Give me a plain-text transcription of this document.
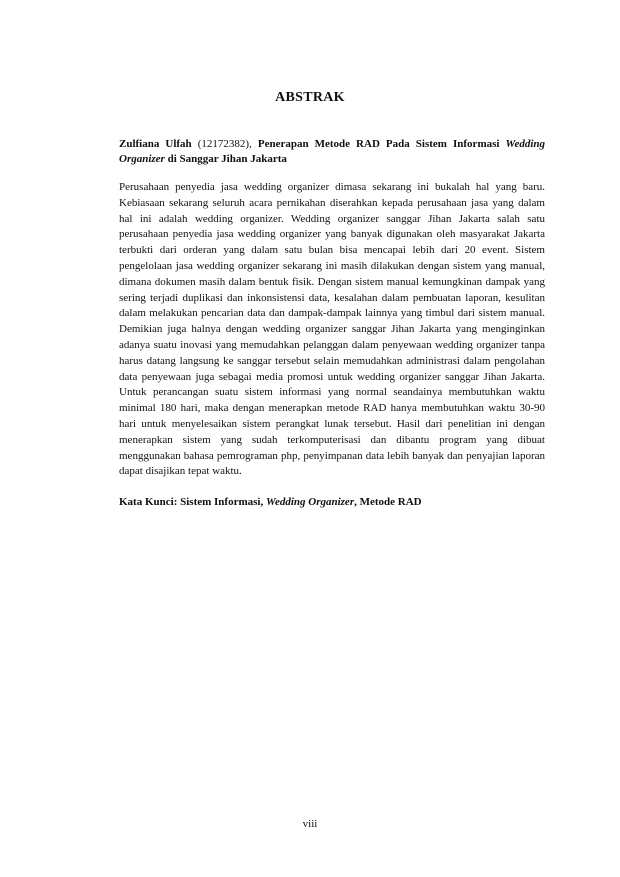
ABSTRAK
Zulfiana Ulfah (12172382), Penerapan Metode RAD Pada Sistem Informasi Wedding Organizer di Sanggar Jihan Jakarta

Perusahaan penyedia jasa wedding organizer dimasa sekarang ini bukalah hal yang baru. Kebiasaan sekarang seluruh acara pernikahan diserahkan kepada perusahaan jasa yang dalam hal ini adalah wedding organizer. Wedding organizer sanggar Jihan Jakarta salah satu perusahaan penyedia jasa wedding organizer yang banyak digunakan oleh masyarakat Jakarta terbukti dari orderan yang dalam satu bulan bisa mencapai lebih dari 20 event. Sistem pengelolaan jasa wedding organizer sekarang ini masih dilakukan dengan sistem yang manual, dimana dokumen masih dalam bentuk fisik. Dengan sistem manual kemungkinan dampak yang sering terjadi duplikasi dan inkonsistensi data, kesalahan dalam pembuatan laporan, kesulitan dalam melakukan pencarian data dan dampak-dampak lainnya yang timbul dari sistem manual. Demikian juga halnya dengan wedding organizer sanggar Jihan Jakarta yang menginginkan adanya suatu inovasi yang memudahkan pelanggan dalam penyewaan wedding organizer tanpa harus datang langsung ke sanggar tersebut selain memudahkan administrasi dalam pengolahan data penyewaan juga sebagai media promosi untuk wedding organizer sanggar Jihan Jakarta. Untuk perancangan suatu sistem informasi yang normal seandainya membutuhkan waktu minimal 180 hari, maka dengan menerapkan metode RAD hanya membutuhkan waktu 30-90 hari untuk menyelesaikan sistem perangkat lunak tersebut. Hasil dari penelitian ini dengan menerapkan sistem yang sudah terkomputerisasi dan dibantu program yang dibuat menggunakan bahasa pemrograman php, penyimpanan data lebih banyak dan penyajian laporan dapat disajikan tepat waktu.

Kata Kunci: Sistem Informasi, Wedding Organizer, Metode RAD
viii
